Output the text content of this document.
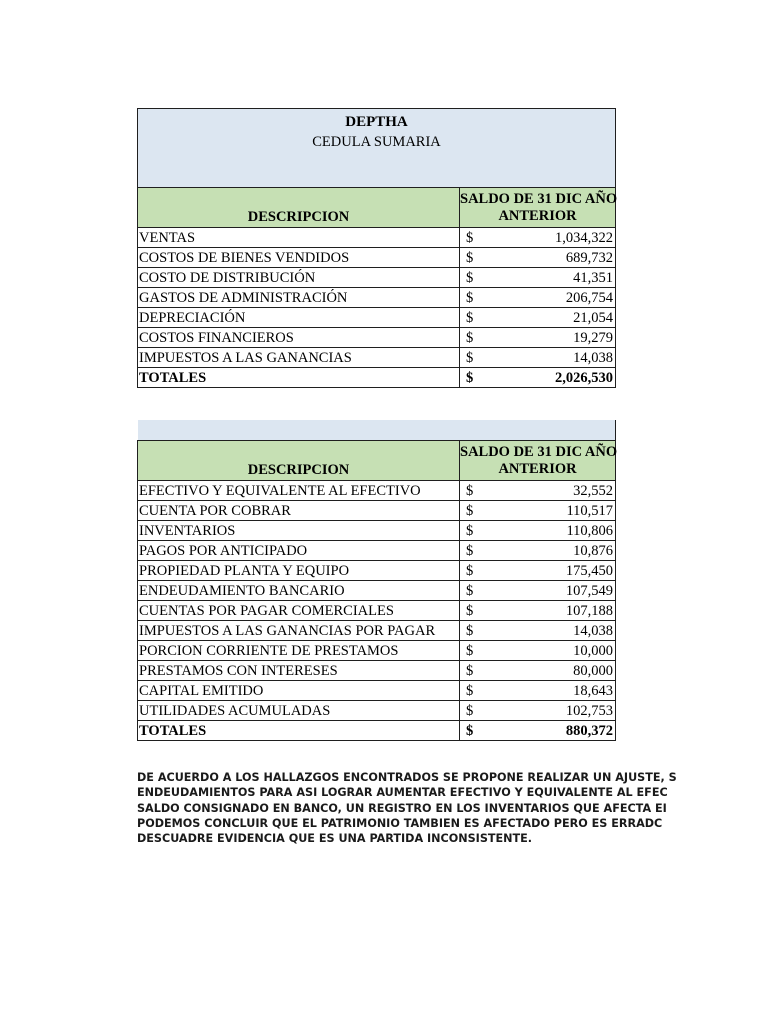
DEPTHA
CEDULA SUMARIA		

DESCRIPCION	SALDO DE 31 DIC AÑO
ANTERIOR	

VENTAS	$	1,034,322
COSTOS DE BIENES VENDIDOS	$	689,732
COSTO DE DISTRIBUCIÓN	$	41,351
GASTOS DE ADMINISTRACIÓN	$	206,754
DEPRECIACIÓN	$	21,054
COSTOS FINANCIEROS	$	19,279
IMPUESTOS A LAS GANANCIAS	$	14,038
TOTALES	$	2,026,530

DESCRIPCION	SALDO DE 31 DIC AÑO
ANTERIOR	

EFECTIVO Y EQUIVALENTE AL EFECTIVO	$	32,552
CUENTA POR COBRAR	$	110,517
INVENTARIOS	$	110,806
PAGOS POR ANTICIPADO	$	10,876
PROPIEDAD PLANTA Y EQUIPO	$	175,450
ENDEUDAMIENTO BANCARIO	$	107,549
CUENTAS POR PAGAR COMERCIALES	$	107,188
IMPUESTOS A LAS GANANCIAS POR PAGAR	$	14,038
PORCION CORRIENTE DE PRESTAMOS	$	10,000
PRESTAMOS CON INTERESES	$	80,000
CAPITAL EMITIDO	$	18,643
UTILIDADES ACUMULADAS	$	102,753
TOTALES	$	880,372
DE ACUERDO A LOS HALLAZGOS ENCONTRADOS SE PROPONE REALIZAR UN AJUSTE, S
ENDEUDAMIENTOS PARA ASI LOGRAR AUMENTAR EFECTIVO Y EQUIVALENTE AL EFEC
SALDO CONSIGNADO EN BANCO, UN REGISTRO EN LOS INVENTARIOS QUE AFECTA EI
PODEMOS CONCLUIR QUE EL PATRIMONIO TAMBIEN ES AFECTADO PERO ES ERRADC
DESCUADRE EVIDENCIA QUE ES UNA PARTIDA INCONSISTENTE.
